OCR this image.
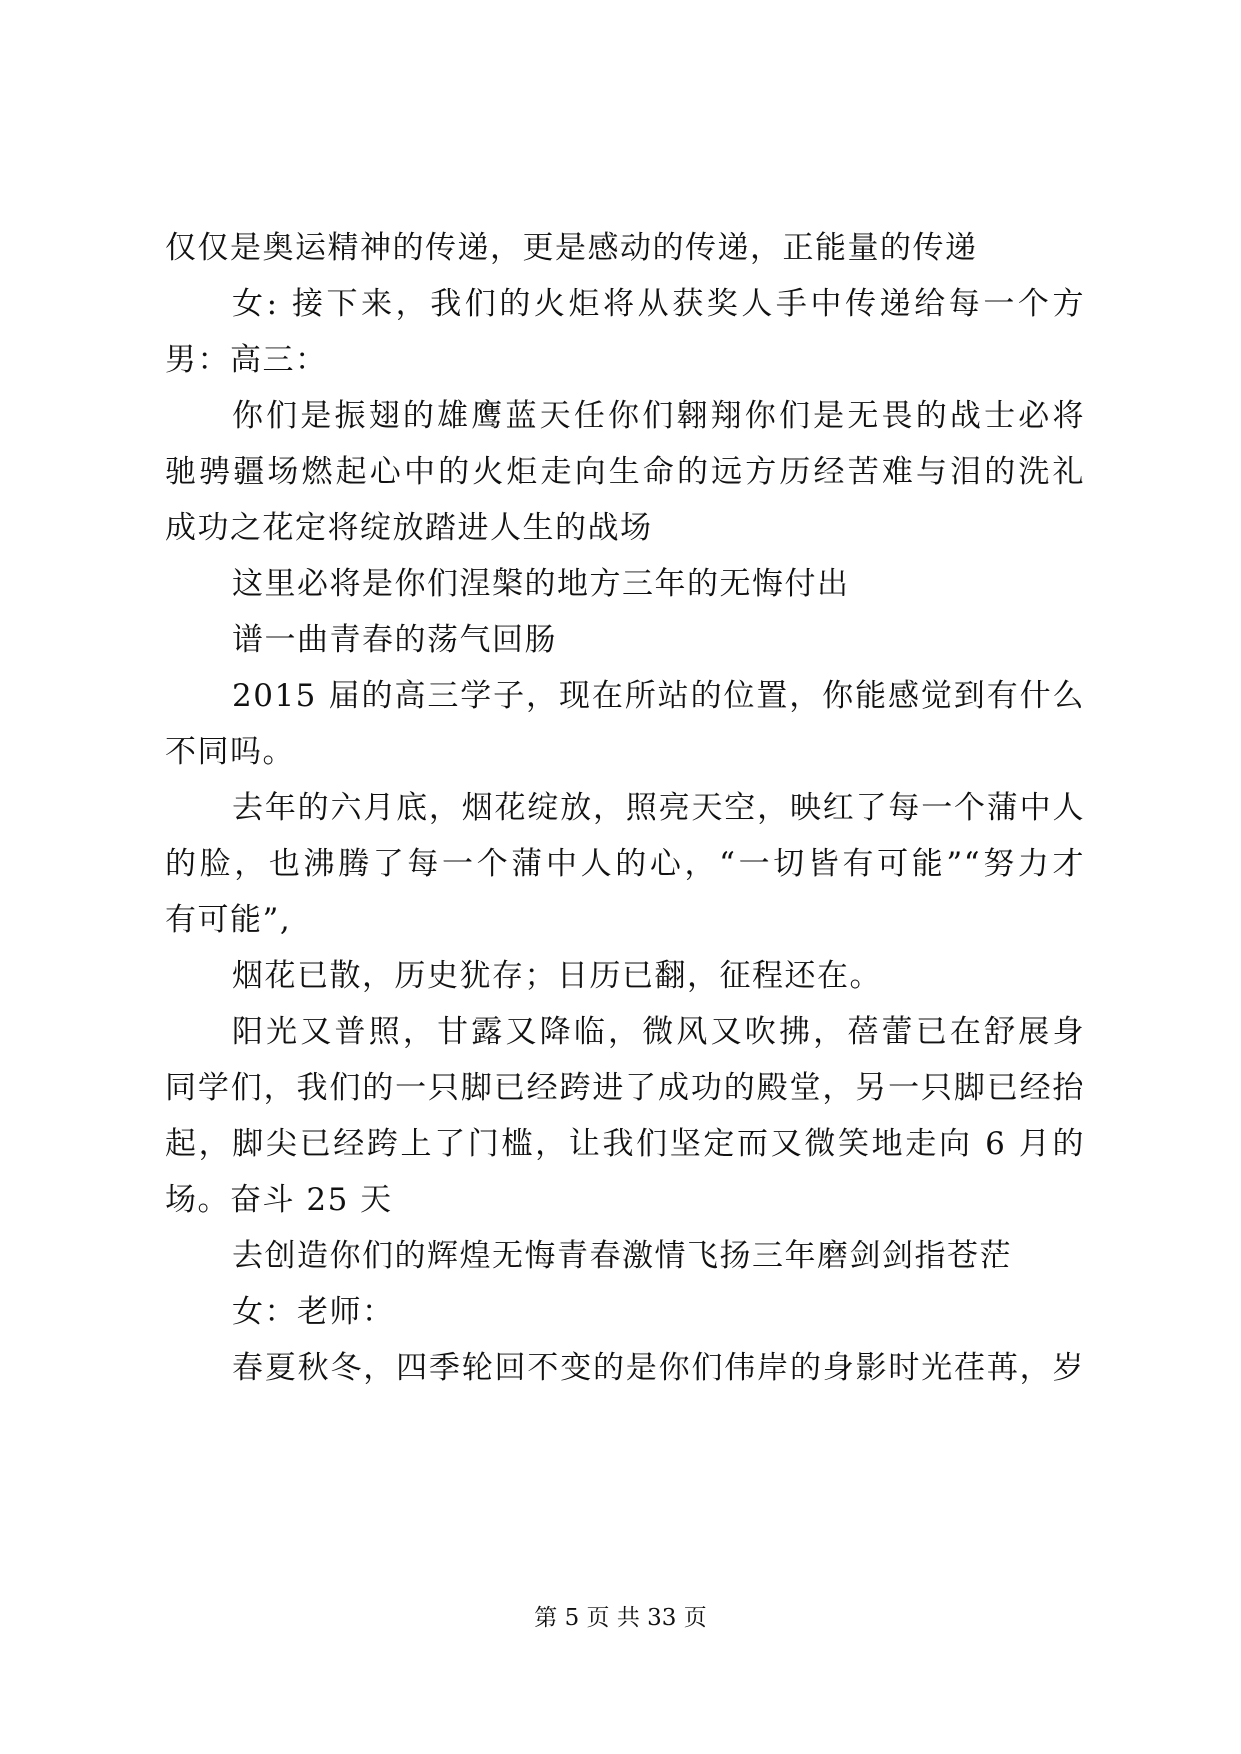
仅仅是奥运精神的传递，更是感动的传递，正能量的传递
女: 接下来，我们的火炬将从获奖人手中传递给每一个方
男：高三：
你们是振翅的雄鹰蓝天任你们翱翔你们是无畏的战士必将
驰骋疆场燃起心中的火炬走向生命的远方历经苦难与泪的洗礼
成功之花定将绽放踏进人生的战场
这里必将是你们涅槃的地方三年的无悔付出
谱一曲青春的荡气回肠
2015 届的高三学子，现在所站的位置，你能感觉到有什么
不同吗。
去年的六月底，烟花绽放，照亮天空，映红了每一个蒲中人
的脸，也沸腾了每一个蒲中人的心，“一切皆有可能”“努力才
有可能”,
烟花已散，历史犹存；日历已翻，征程还在。
阳光又普照，甘露又降临，微风又吹拂，蓓蕾已在舒展身
同学们，我们的一只脚已经跨进了成功的殿堂，另一只脚已经抬
起，脚尖已经跨上了门槛，让我们坚定而又微笑地走向 6 月的
场。奋斗 25 天
去创造你们的辉煌无悔青春激情飞扬三年磨剑剑指苍茫
女：老师：
春夏秋冬，四季轮回不变的是你们伟岸的身影时光荏苒，岁
第 5 页 共 33 页
